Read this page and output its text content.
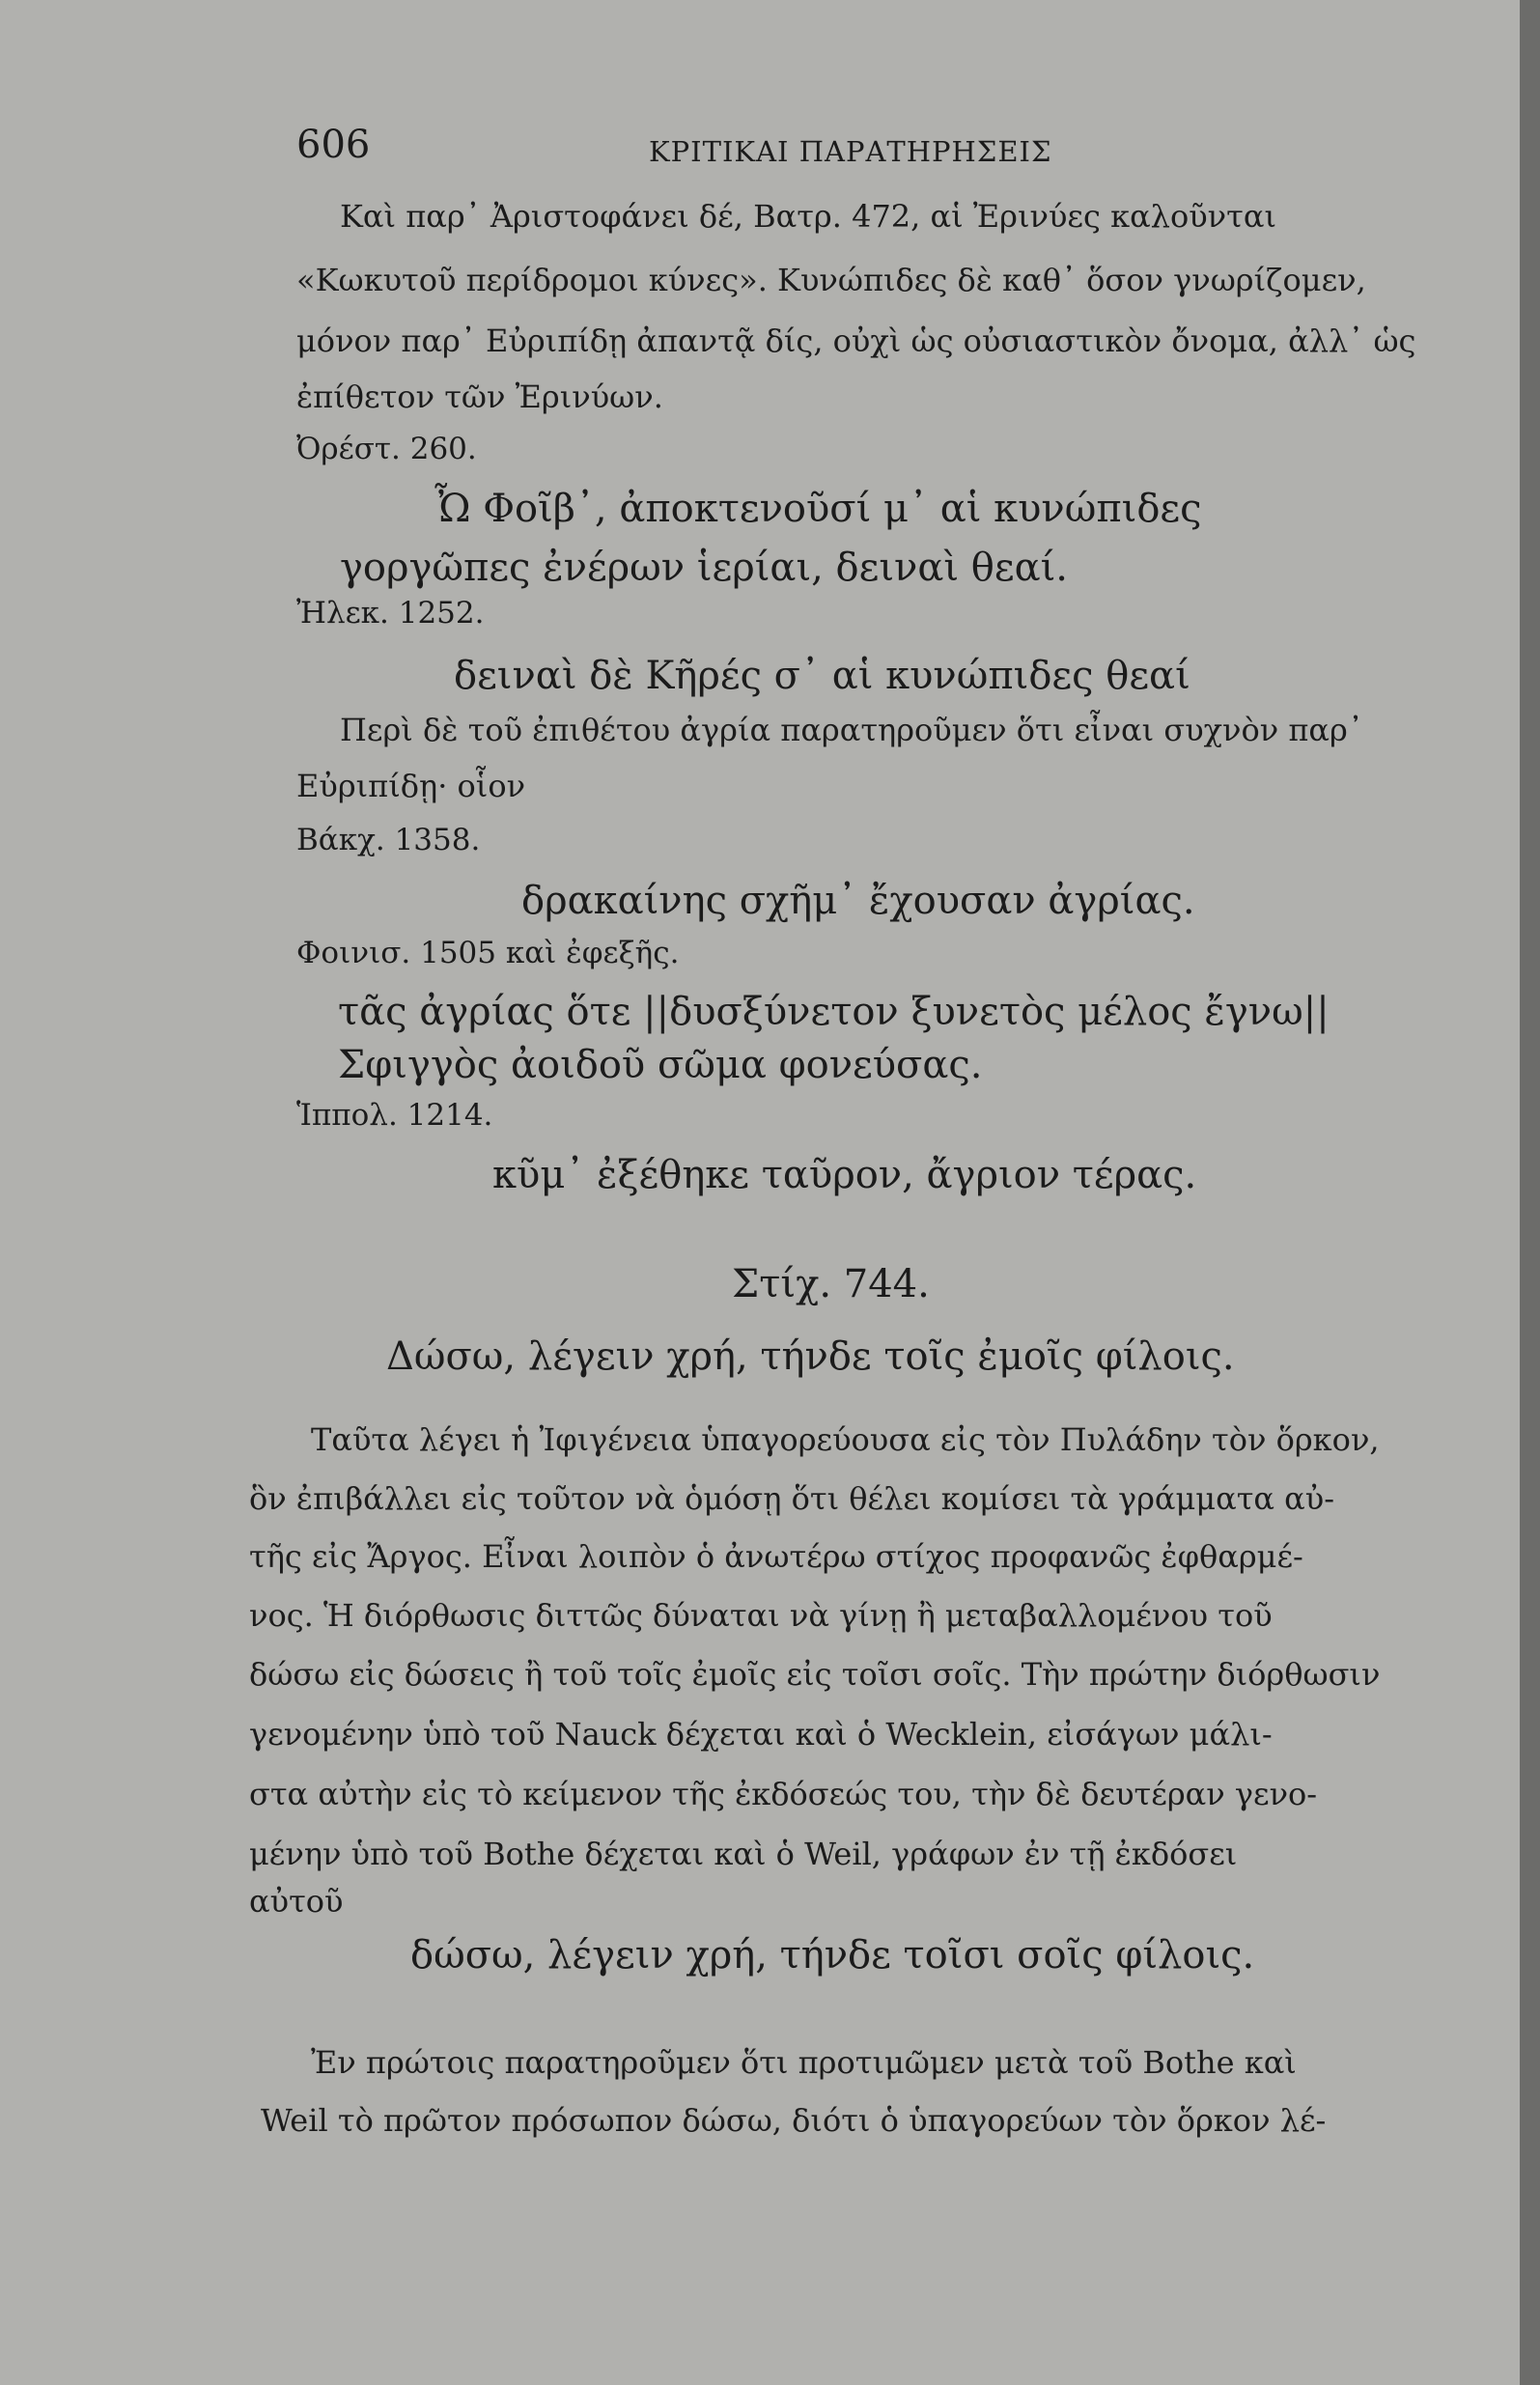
606	ΚΡΙΤΙΚΑΙ ΠΑΡΑΤΗΡΗΣΕΙΣ
Καὶ παρ᾽ Ἀριστοφάνει δέ, Βατρ. 472, αἱ Ἐρινύες καλοῦνται
«Κωκυτοῦ περίδρομοι κύνες». Κυνώπιδες δὲ καθ᾽ ὅσον γνωρίζομεν,
μόνον παρ᾽ Εὐριπίδῃ ἀπαντᾷ δίς, οὐχὶ ὡς οὐσιαστικὸν ὄνομα, ἀλλ᾽ ὡς
ἐπίθετον τῶν Ἐρινύων.
Ὀρέστ. 260.
Ὦ Φοῖβ᾽, ἀποκτενοῦσί μ᾽ αἱ κυνώπιδες
γοργῶπες ἐνέρων ἱερίαι, δειναὶ θεαί.
Ἠλεκ. 1252.
δειναὶ δὲ Κῆρές σ᾽ αἱ κυνώπιδες θεαί
Περὶ δὲ τοῦ ἐπιθέτου ἀγρία παρατηροῦμεν ὅτι εἶναι συχνὸν παρ᾽
Εὐριπίδῃ· οἷον
Βάκχ. 1358.
δρακαίνης σχῆμ᾽ ἔχουσαν ἀγρίας.
Φοινισ. 1505 καὶ ἐφεξῆς.
τᾶς ἀγρίας ὅτε ||δυσξύνετον ξυνετὸς μέλος ἔγνω||
Σφιγγὸς ἀοιδοῦ σῶμα φονεύσας.
Ἱππολ. 1214.
κῦμ᾽ ἐξέθηκε ταῦρον, ἄγριον τέρας.
Στίχ. 744.
Δώσω, λέγειν χρή, τήνδε τοῖς ἐμοῖς φίλοις.
Ταῦτα λέγει ἡ Ἰφιγένεια ὑπαγορεύουσα εἰς τὸν Πυλάδην τὸν ὅρκον,
ὃν ἐπιβάλλει εἰς τοῦτον νὰ ὁμόσῃ ὅτι θέλει κομίσει τὰ γράμματα αὐ-
τῆς εἰς Ἄργος. Εἶναι λοιπὸν ὁ ἀνωτέρω στίχος προφανῶς ἐφθαρμέ-
νος. Ἡ διόρθωσις διττῶς δύναται νὰ γίνῃ ἢ μεταβαλλομένου τοῦ
δώσω εἰς δώσεις ἢ τοῦ τοῖς ἐμοῖς εἰς τοῖσι σοῖς. Τὴν πρώτην διόρθωσιν
γενομένην ὑπὸ τοῦ Nauck δέχεται καὶ ὁ Wecklein, εἰσάγων μάλι-
στα αὐτὴν εἰς τὸ κείμενον τῆς ἐκδόσεώς του, τὴν δὲ δευτέραν γενο-
μένην ὑπὸ τοῦ Bothe δέχεται καὶ ὁ Weil, γράφων ἐν τῇ ἐκδόσει
αὐτοῦ
δώσω, λέγειν χρή, τήνδε τοῖσι σοῖς φίλοις.
Ἐν πρώτοις παρατηροῦμεν ὅτι προτιμῶμεν μετὰ τοῦ Bothe καὶ
Weil τὸ πρῶτον πρόσωπον δώσω, διότι ὁ ὑπαγορεύων τὸν ὅρκον λέ-
